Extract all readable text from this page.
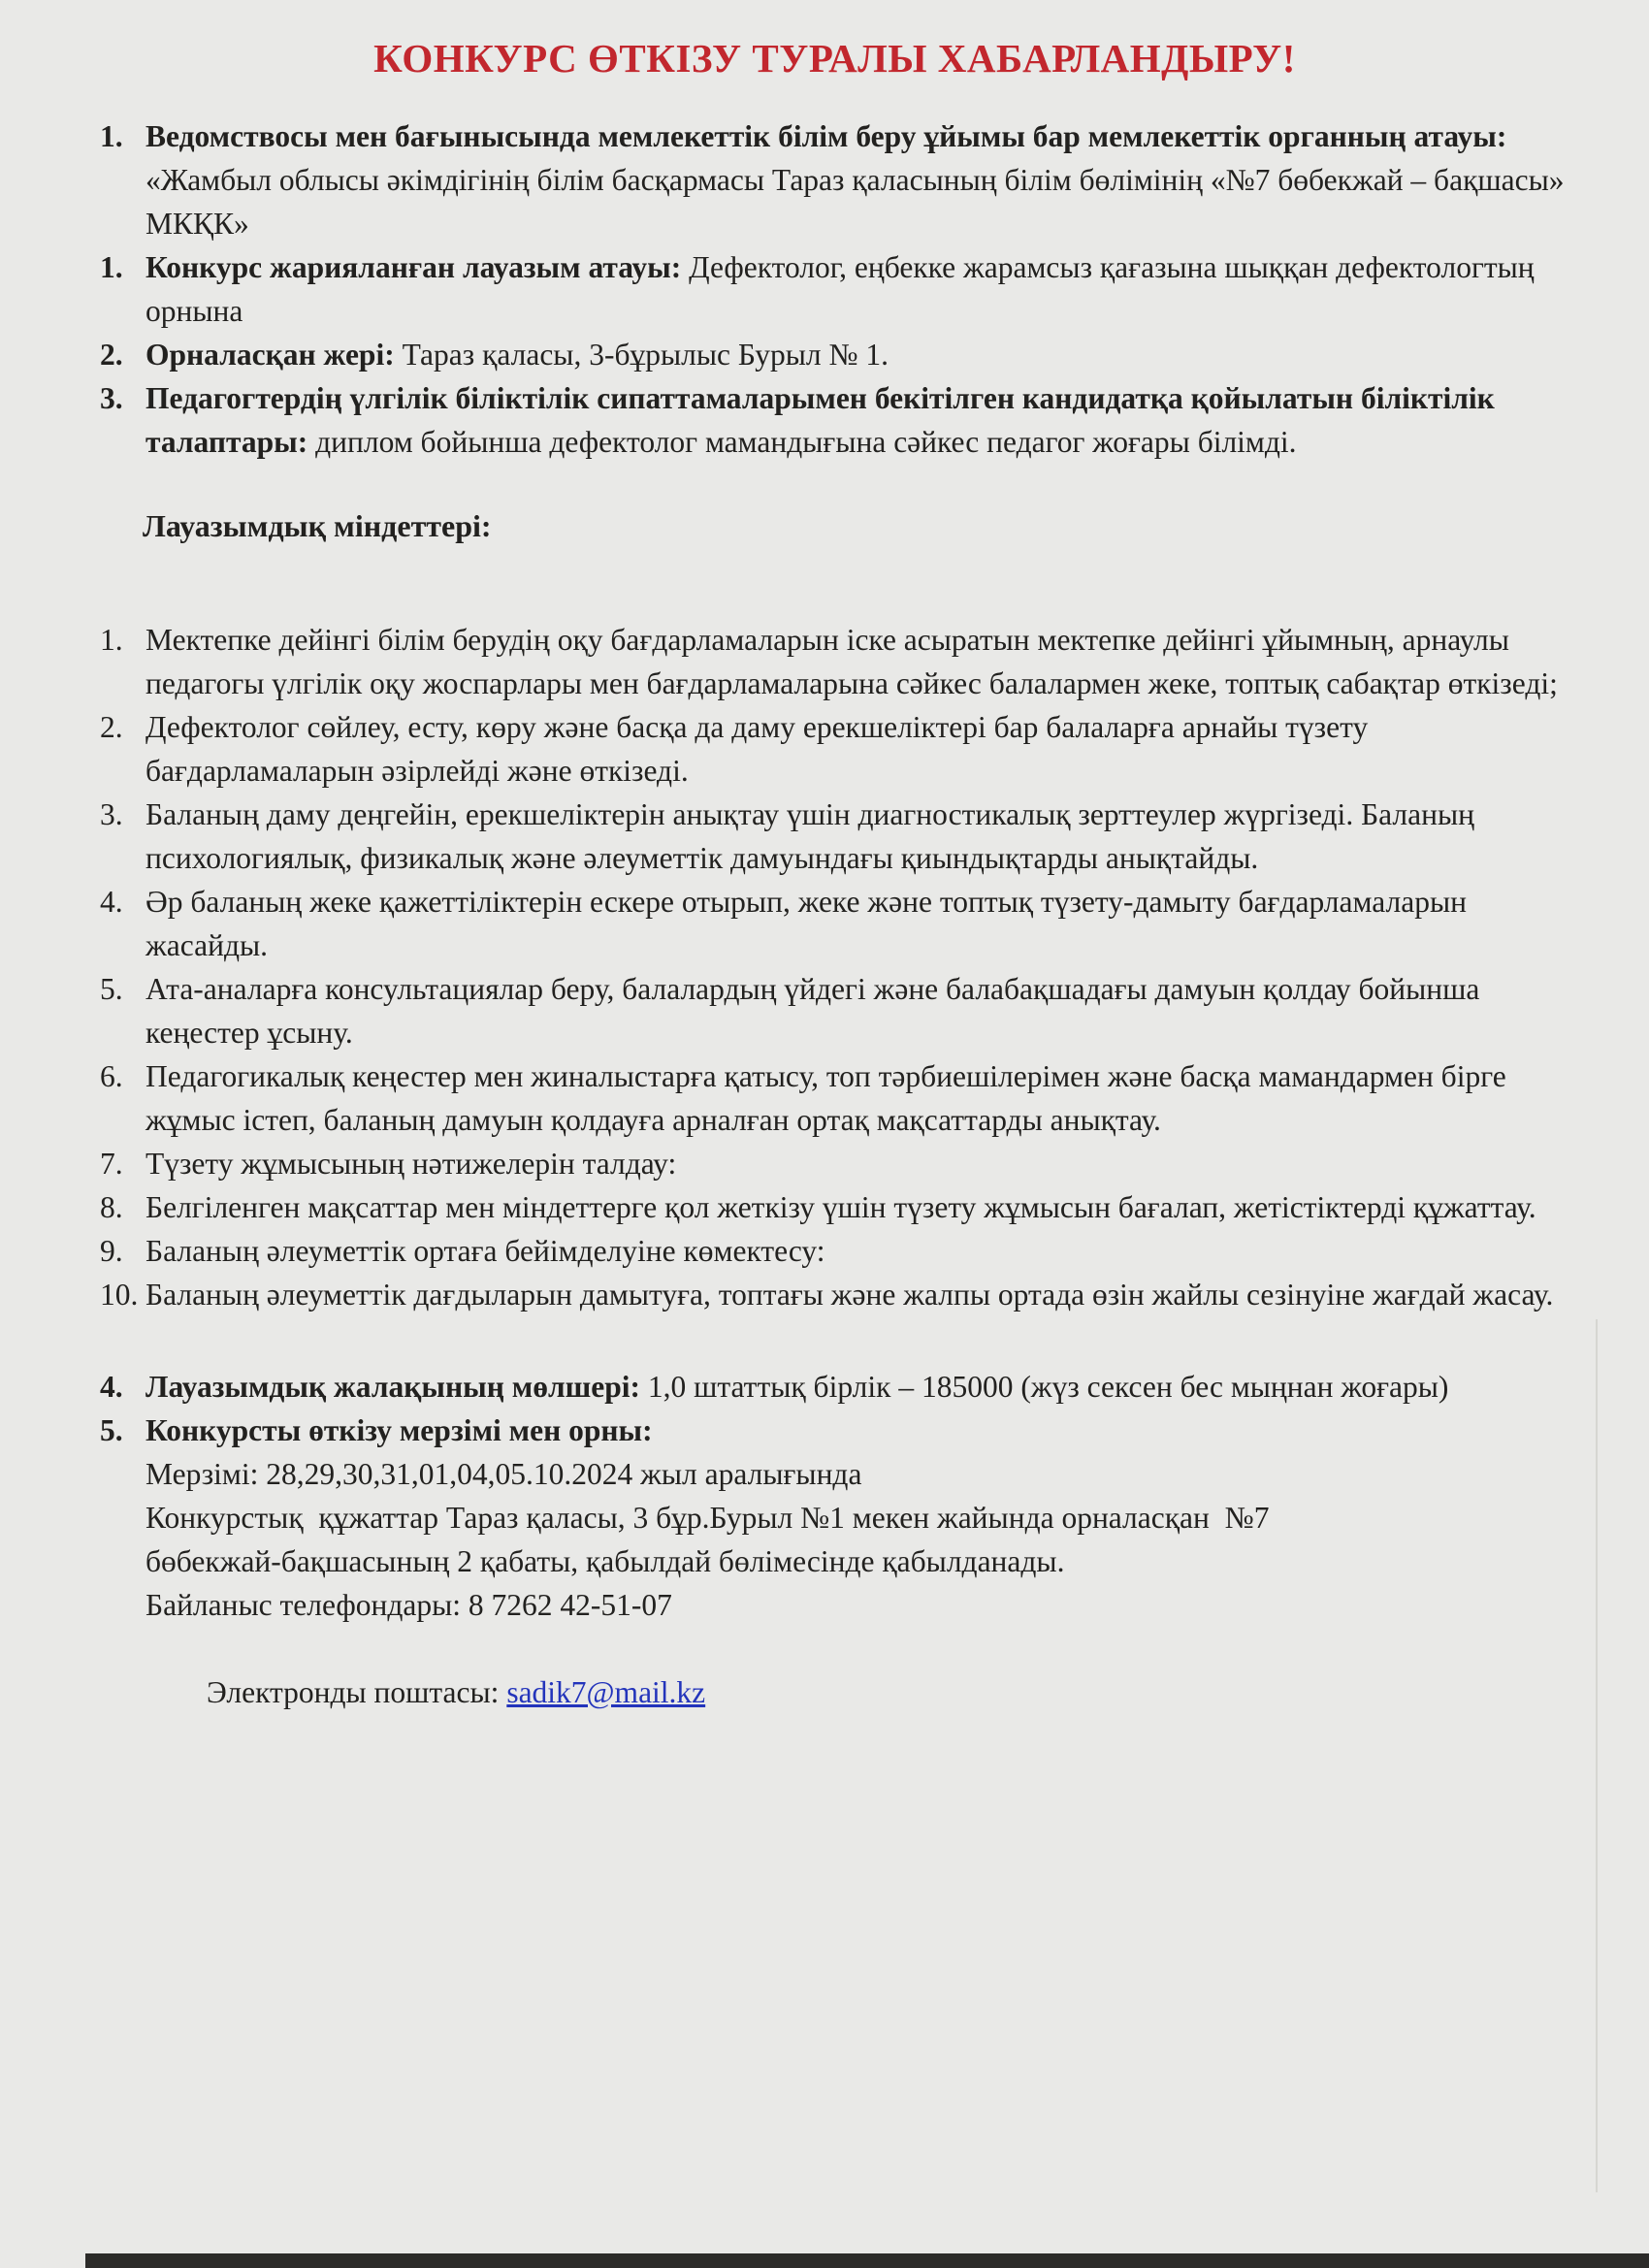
КОНКУРС ӨТКІЗУ ТУРАЛЫ ХАБАРЛАНДЫРУ!
1. Ведомствосы мен бағынысында мемлекеттік білім беру ұйымы бар мемлекеттік органның атауы: «Жамбыл облысы әкімдігінің білім басқармасы Тараз қаласының білім бөлімінің «№7 бөбекжай – бақшасы» МКҚК»
1. Конкурс жарияланған лауазым атауы: Дефектолог, еңбекке жарамсыз қағазына шыққан дефектологтың орнына
2. Орналасқан жері: Тараз қаласы, 3-бұрылыс Бурыл № 1.
3. Педагогтердің үлгілік біліктілік сипаттамаларымен бекітілген кандидатқа қойылатын біліктілік талаптары: диплом бойынша дефектолог мамандығына сәйкес педагог жоғары білімді.
Лауазымдық міндеттері:
1. Мектепке дейінгі білім берудің оқу бағдарламаларын іске асыратын мектепке дейінгі ұйымның, арнаулы педагогы үлгілік оқу жоспарлары мен бағдарламаларына сәйкес балалармен жеке, топтық сабақтар өткізеді;
2. Дефектолог сөйлеу, есту, көру және басқа да даму ерекшеліктері бар балаларға арнайы түзету бағдарламаларын әзірлейді және өткізеді.
3. Баланың даму деңгейін, ерекшеліктерін анықтау үшін диагностикалық зерттеулер жүргізеді. Баланың психологиялық, физикалық және әлеуметтік дамуындағы қиындықтарды анықтайды.
4. Әр баланың жеке қажеттіліктерін ескере отырып, жеке және топтық түзету-дамыту бағдарламаларын жасайды.
5. Ата-аналарға консультациялар беру, балалардың үйдегі және балабақшадағы дамуын қолдау бойынша кеңестер ұсыну.
6. Педагогикалық кеңестер мен жиналыстарға қатысу, топ тәрбиешілерімен және басқа мамандармен бірге жұмыс істеп, баланың дамуын қолдауға арналған ортақ мақсаттарды анықтау.
7. Түзету жұмысының нәтижелерін талдау:
8. Белгіленген мақсаттар мен міндеттерге қол жеткізу үшін түзету жұмысын бағалап, жетістіктерді құжаттау.
9. Баланың әлеуметтік ортаға бейімделуіне көмектесу:
10. Баланың әлеуметтік дағдыларын дамытуға, топтағы және жалпы ортада өзін жайлы сезінуіне жағдай жасау.
4. Лауазымдық жалақының мөлшері: 1,0 штаттық бірлік – 185000 (жүз сексен бес мыңнан жоғары)
5. Конкурсты өткізу мерзімі мен орны:
Мерзімі: 28,29,30,31,01,04,05.10.2024 жыл аралығында
Конкурстық  құжаттар Тараз қаласы, 3 бұр.Бурыл №1 мекен жайында орналасқан  №7
бөбекжай-бақшасының 2 қабаты, қабылдай бөлімесінде қабылданады.
Байланыс телефондары: 8 7262 42-51-07

Электронды поштасы: sadik7@mail.kz
